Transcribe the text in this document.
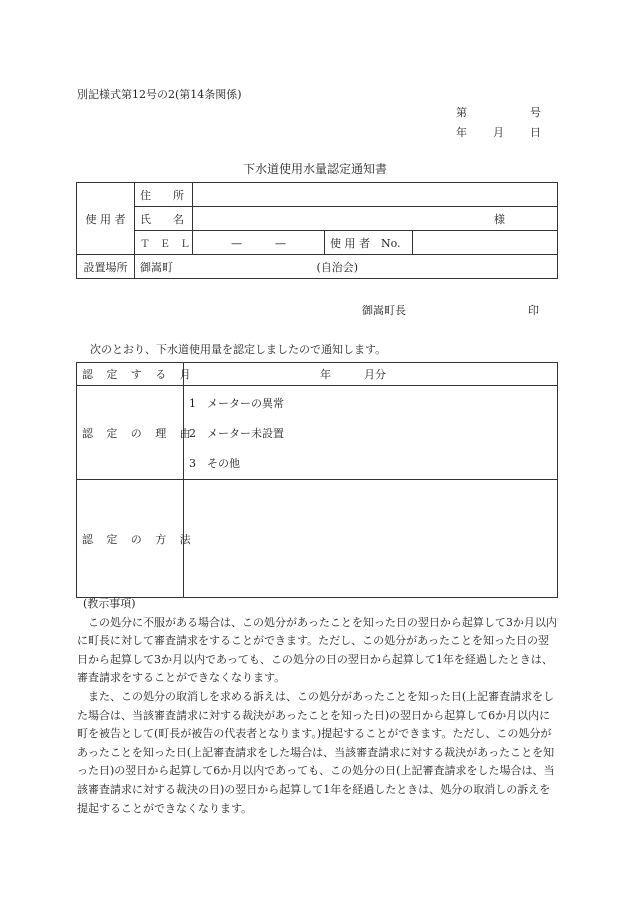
別記様式第12号の2(第14条関係)
第	号
年 月 日
下水道使用水量認定通知書
使 用 者	住　　所			
	氏　　名	様		
	Ｔ　Ｅ　Ｌ	—　　　—	使 用 者　No.	
設置場所	御嵩町 (自治会)			
御嵩町長	印
次のとおり、下水道使用量を認定しましたので通知します。
認 定 す る 月	年　　　月分
認 定 の 理 由	1　メーターの異常
2　メーター未設置
3　その他

認 定 の 方 法	

(教示事項)

この処分に不服がある場合は、この処分があったことを知った日の翌日から起算して3か月以内に町長に対して審査請求をすることができます。ただし、この処分があったことを知った日の翌日から起算して3か月以内であっても、この処分の日の翌日から起算して1年を経過したときは、審査請求をすることができなくなります。

また、この処分の取消しを求める訴えは、この処分があったことを知った日(上記審査請求をした場合は、当該審査請求に対する裁決があったことを知った日)の翌日から起算して6か月以内に町を被告として(町長が被告の代表者となります。)提起することができます。ただし、この処分があったことを知った日(上記審査請求をした場合は、当該審査請求に対する裁決があったことを知った日)の翌日から起算して6か月以内であっても、この処分の日(上記審査請求をした場合は、当該審査請求に対する裁決の日)の翌日から起算して1年を経過したときは、処分の取消しの訴えを提起することができなくなります。
